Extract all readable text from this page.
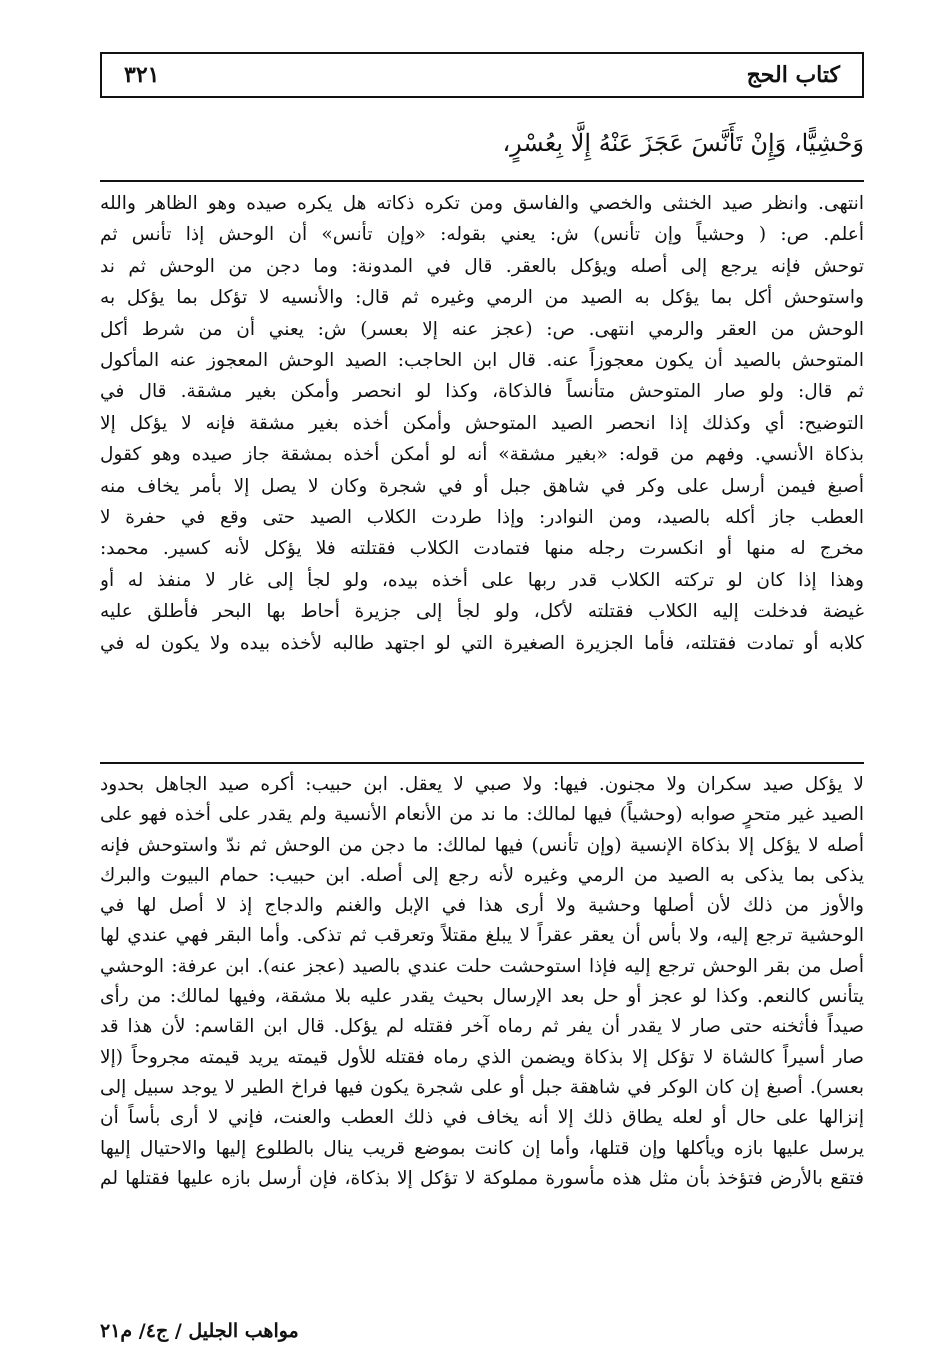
كتاب الحج
٣٢١
وَحْشِيًّا، وَإِنْ تَأَنَّسَ عَجَزَ عَنْهُ إِلَّا بِعُسْرٍ،
انتهى. وانظر صيد الخنثى والخصي والفاسق ومن تكره ذكاته هل يكره صيده وهو الظاهر والله
أعلم. ص: ( وحشياً وإن تأنس) ش: يعني بقوله: «وإن تأنس» أن الوحش إذا تأنس ثم
توحش فإنه يرجع إلى أصله ويؤكل بالعقر. قال في المدونة: وما دجن من الوحش ثم ند
واستوحش أكل بما يؤكل به الصيد من الرمي وغيره ثم قال: والأنسيه لا تؤكل بما يؤكل به
الوحش من العقر والرمي انتهى. ص: (عجز عنه إلا بعسر) ش: يعني أن من شرط أكل
المتوحش بالصيد أن يكون معجوزاً عنه. قال ابن الحاجب: الصيد الوحش المعجوز عنه المأكول
ثم قال: ولو صار المتوحش متأنساً فالذكاة، وكذا لو انحصر وأمكن بغير مشقة. قال في
التوضيح: أي وكذلك إذا انحصر الصيد المتوحش وأمكن أخذه بغير مشقة فإنه لا يؤكل إلا
بذكاة الأنسي. وفهم من قوله: «بغير مشقة» أنه لو أمكن أخذه بمشقة جاز صيده وهو كقول
أصبغ فيمن أرسل على وكر في شاهق جبل أو في شجرة وكان لا يصل إلا بأمر يخاف منه
العطب جاز أكله بالصيد، ومن النوادر: وإذا طردت الكلاب الصيد حتى وقع في حفرة لا
مخرج له منها أو انكسرت رجله منها فتمادت الكلاب فقتلته فلا يؤكل لأنه كسير. محمد:
وهذا إذا كان لو تركته الكلاب قدر ربها على أخذه بيده، ولو لجأ إلى غار لا منفذ له أو
غيضة فدخلت إليه الكلاب فقتلته لأكل، ولو لجأ إلى جزيرة أحاط بها البحر فأطلق عليه
كلابه أو تمادت فقتلته، فأما الجزيرة الصغيرة التي لو اجتهد طالبه لأخذه بيده ولا يكون له في
لا يؤكل صيد سكران ولا مجنون. فيها: ولا صبي لا يعقل. ابن حبيب: أكره صيد الجاهل بحدود
الصيد غير متحرٍ صوابه (وحشياً) فيها لمالك: ما ند من الأنعام الأنسية ولم يقدر على أخذه فهو على
أصله لا يؤكل إلا بذكاة الإنسية (وإن تأنس) فيها لمالك: ما دجن من الوحش ثم ندّ واستوحش فإنه
يذكى بما يذكى به الصيد من الرمي وغيره لأنه رجع إلى أصله. ابن حبيب: حمام البيوت والبرك
والأوز من ذلك لأن أصلها وحشية ولا أرى هذا في الإبل والغنم والدجاج إذ لا أصل لها في
الوحشية ترجع إليه، ولا بأس أن يعقر عقراً لا يبلغ مقتلاً وتعرقب ثم تذكى. وأما البقر فهي عندي لها
أصل من بقر الوحش ترجع إليه فإذا استوحشت حلت عندي بالصيد (عجز عنه). ابن عرفة: الوحشي
يتأنس كالنعم. وكذا لو عجز أو حل بعد الإرسال بحيث يقدر عليه بلا مشقة، وفيها لمالك: من رأى
صيداً فأثخنه حتى صار لا يقدر أن يفر ثم رماه آخر فقتله لم يؤكل. قال ابن القاسم: لأن هذا قد
صار أسيراً كالشاة لا تؤكل إلا بذكاة ويضمن الذي رماه فقتله للأول قيمته يريد قيمته مجروحاً (إلا
بعسر). أصبغ إن كان الوكر في شاهقة جبل أو على شجرة يكون فيها فراخ الطير لا يوجد سبيل إلى
إنزالها على حال أو لعله يطاق ذلك إلا أنه يخاف في ذلك العطب والعنت، فإني لا أرى بأساً أن
يرسل عليها بازه ويأكلها وإن قتلها، وأما إن كانت بموضع قريب ينال بالطلوع إليها والاحتيال إليها
فتقع بالأرض فتؤخذ بأن مثل هذه مأسورة مملوكة لا تؤكل إلا بذكاة، فإن أرسل بازه عليها فقتلها لم
مواهب الجليل / ج٤/ م٢١
